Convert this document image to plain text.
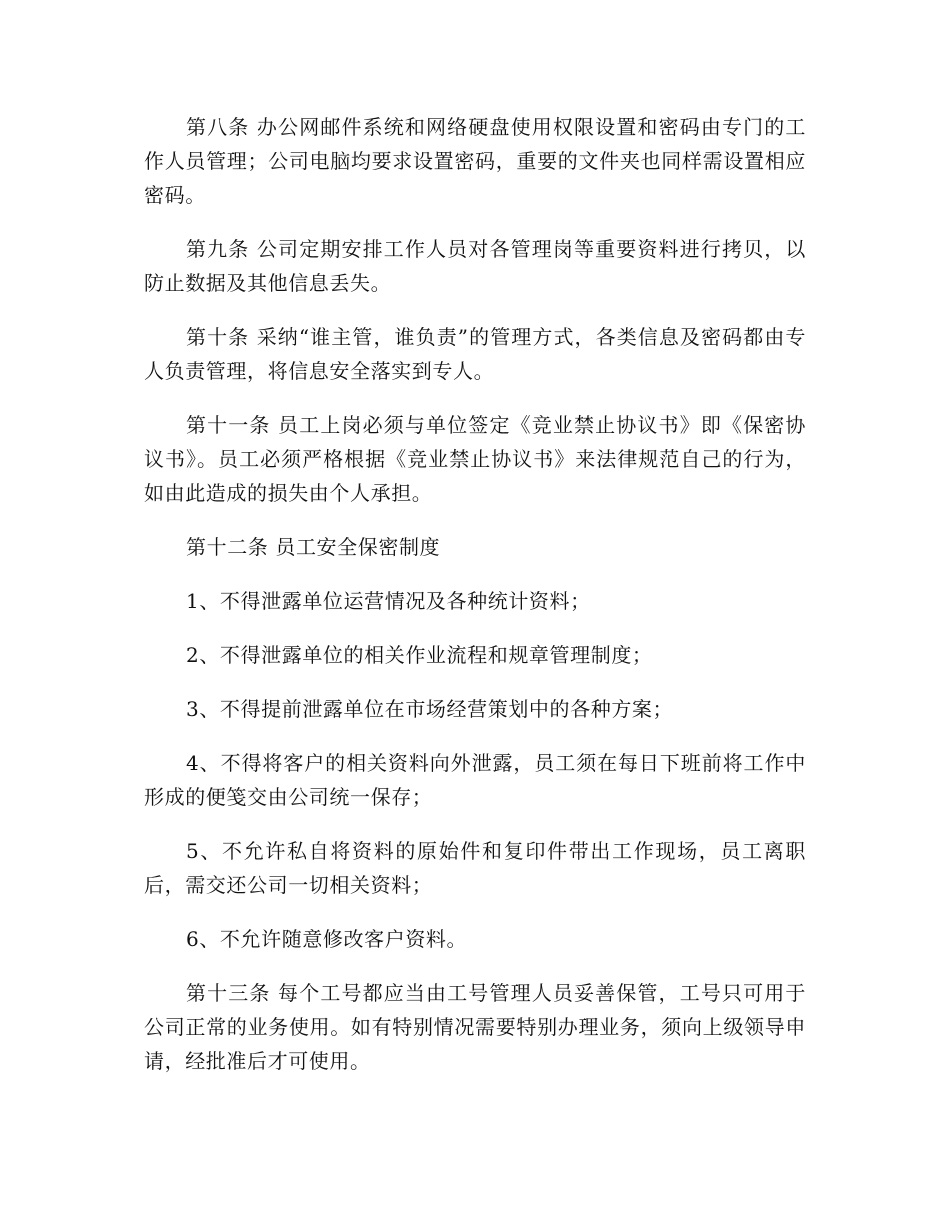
第八条 办公网邮件系统和网络硬盘使用权限设置和密码由专门的工作人员管理；公司电脑均要求设置密码，重要的文件夹也同样需设置相应密码。

第九条 公司定期安排工作人员对各管理岗等重要资料进行拷贝，以防止数据及其他信息丢失。

第十条 采纳“谁主管，谁负责”的管理方式，各类信息及密码都由专人负责管理，将信息安全落实到专人。

第十一条 员工上岗必须与单位签定《竞业禁止协议书》即《保密协议书》。员工必须严格根据《竞业禁止协议书》来法律规范自己的行为，如由此造成的损失由个人承担。

第十二条 员工安全保密制度

1、不得泄露单位运营情况及各种统计资料；

2、不得泄露单位的相关作业流程和规章管理制度；

3、不得提前泄露单位在市场经营策划中的各种方案；

4、不得将客户的相关资料向外泄露，员工须在每日下班前将工作中形成的便笺交由公司统一保存；

5、不允许私自将资料的原始件和复印件带出工作现场，员工离职后，需交还公司一切相关资料；

6、不允许随意修改客户资料。

第十三条 每个工号都应当由工号管理人员妥善保管，工号只可用于公司正常的业务使用。如有特别情况需要特别办理业务，须向上级领导申请，经批准后才可使用。
